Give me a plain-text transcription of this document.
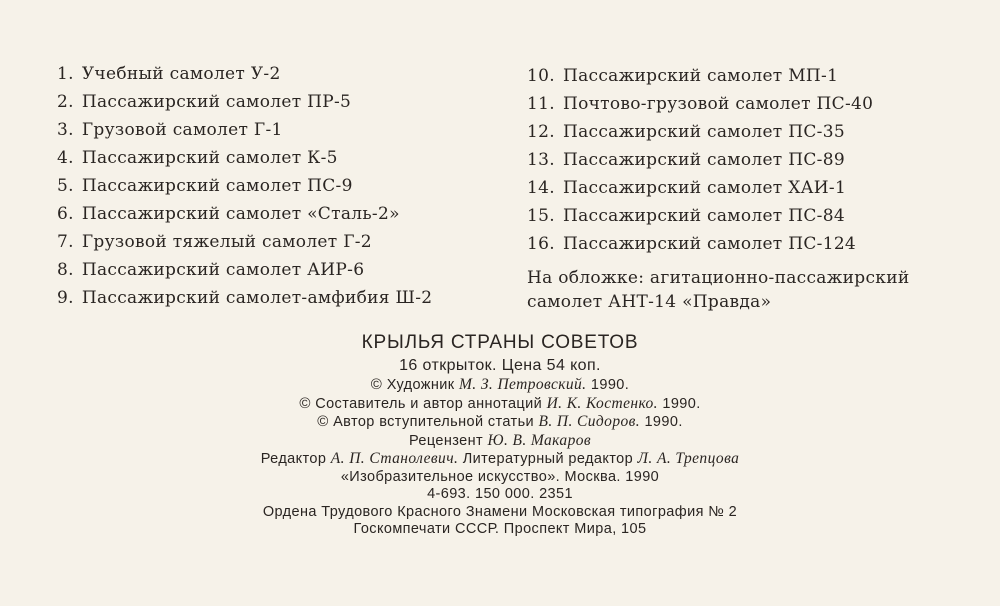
1. Учебный самолет У-2
2. Пассажирский самолет ПР-5
3. Грузовой самолет Г-1
4. Пассажирский самолет К-5
5. Пассажирский самолет ПС-9
6. Пассажирский самолет «Сталь-2»
7. Грузовой тяжелый самолет Г-2
8. Пассажирский самолет АИР-6
9. Пассажирский самолет-амфибия Ш-2
10. Пассажирский самолет МП-1
11. Почтово-грузовой самолет ПС-40
12. Пассажирский самолет ПС-35
13. Пассажирский самолет ПС-89
14. Пассажирский самолет ХАИ-1
15. Пассажирский самолет ПС-84
16. Пассажирский самолет ПС-124
На обложке: агитационно-пассажирский
самолет АНТ-14 «Правда»
КРЫЛЬЯ СТРАНЫ СОВЕТОВ
16 открыток. Цена 54 коп.
© Художник М. З. Петровский. 1990.
© Составитель и автор аннотаций И. К. Костенко. 1990.
© Автор вступительной статьи В. П. Сидоров. 1990.
Рецензент Ю. В. Макаров
Редактор А. П. Станолевич. Литературный редактор Л. А. Трепцова
«Изобразительное искусство». Москва. 1990
4-693. 150 000. 2351
Ордена Трудового Красного Знамени Московская типография № 2
Госкомпечати СССР. Проспект Мира, 105
